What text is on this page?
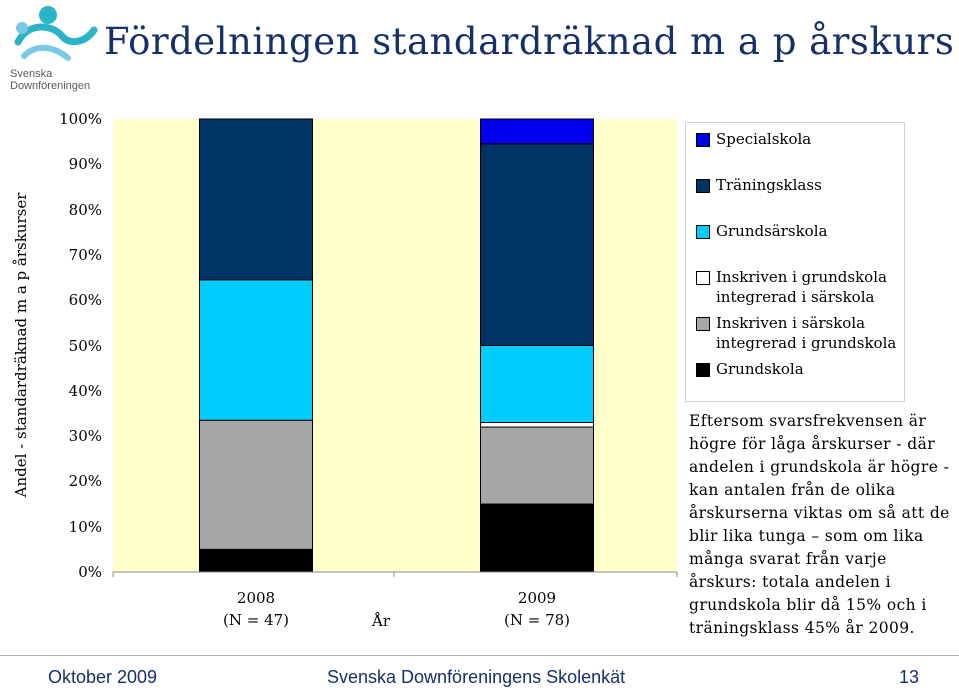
Svenska
Downföreningen
Fördelningen standardräknad m a p årskurs
Andel - standardräknad m a p årskurser
0%
10%
20%
30%
40%
50%
60%
70%
80%
90%
100%
2008
(N = 47)
2009
(N = 78)
År
Specialskola
Träningsklass
Grundsärskola
Inskriven i grundskola
integrerad i särskola
Inskriven i särskola
integrerad i grundskola
Grundskola
Eftersom svarsfrekvensen är
högre för låga årskurser - där
andelen i grundskola är högre -
kan antalen från de olika
årskurserna viktas om så att de
blir lika tunga – som om lika
många svarat från varje
årskurs: totala andelen i
grundskola blir då 15% och i
träningsklass 45% år 2009.
Oktober 2009	Svenska Downföreningens Skolenkät	13
